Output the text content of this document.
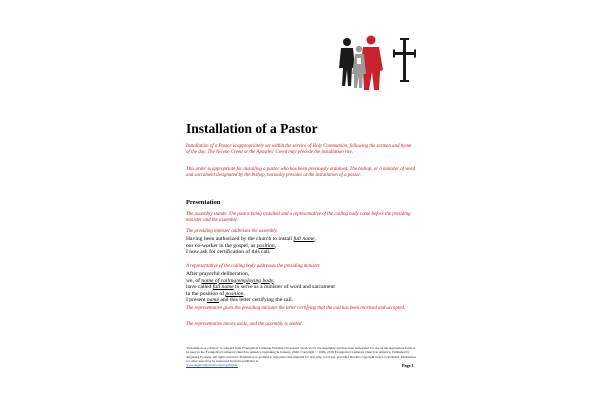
Installation of a Pastor

Installation of a Pastor is appropriately set within the service of Holy Communion, following the sermon and hymn of the day. The Nicene Creed or the Apostles' Creed may precede the installation rite.

This order is appropriate for installing a pastor who has been previously ordained. The bishop, or a minister of word and sacrament designated by the bishop, normally presides at the installation of a pastor.

Presentation

The assembly stands. The pastor being installed and a representative of the calling body come before the presiding minister and the assembly.

The presiding minister addresses the assembly.

Having been authorized by the church to install full name,

our co-worker in the gospel, as position,

I now ask for certification of this call.

A representative of the calling body addresses the presiding minister.

After prayerful deliberation,

we, of name of calling/employing body,

have called full name to serve as a minister of word and sacrament

in the position of position.

I present name and this letter certifying the call.

The representative gives the presiding minister the letter certifying that the call has been received and accepted.

The representative moves aside, and the assembly is seated.

"Installation of a Pastor" is adapted from Evangelical Lutheran Worship Occasional Services for the Assembly and has been authorized for use as the appropriate form to be used in the Evangelical Lutheran Church in America beginning in January, 2020. Copyright © 2009, 2019 Evangelical Lutheran Church in America. Published by Augsburg Fortress. All rights reserved. Permission is granted to reproduce this material for non-sale, local use, provided that this copyright notice is included. Permission for other uses may be requested from the publisher at

www.augsburgfortress.org/copyrights.	Page 1
